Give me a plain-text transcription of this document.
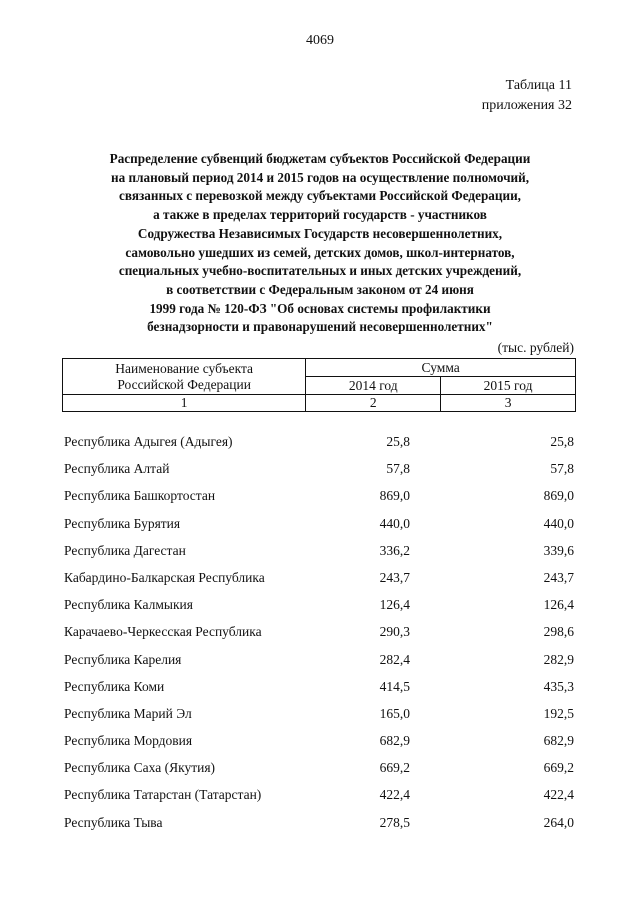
4069
Таблица 11
приложения 32
Распределение субвенций бюджетам субъектов Российской Федерации
на плановый период 2014 и 2015 годов на осуществление полномочий,
связанных с перевозкой между субъектами Российской Федерации,
а также в пределах территорий государств - участников
Содружества Независимых Государств несовершеннолетних,
самовольно ушедших из семей, детских домов, школ-интернатов,
специальных учебно-воспитательных и иных детских учреждений,
в соответствии с Федеральным законом от 24 июня
1999 года № 120-ФЗ "Об основах системы профилактики
безнадзорности и правонарушений несовершеннолетних"
(тыс. рублей)
Наименование субъекта
Российской Федерации	Сумма	
	2014 год	2015 год
1	2	3
Республика Адыгея (Адыгея)	25,8	25,8
Республика Алтай	57,8	57,8
Республика Башкортостан	869,0	869,0
Республика Бурятия	440,0	440,0
Республика Дагестан	336,2	339,6
Кабардино-Балкарская Республика	243,7	243,7
Республика Калмыкия	126,4	126,4
Карачаево-Черкесская Республика	290,3	298,6
Республика Карелия	282,4	282,9
Республика Коми	414,5	435,3
Республика Марий Эл	165,0	192,5
Республика Мордовия	682,9	682,9
Республика Саха (Якутия)	669,2	669,2
Республика Татарстан (Татарстан)	422,4	422,4
Республика Тыва	278,5	264,0
